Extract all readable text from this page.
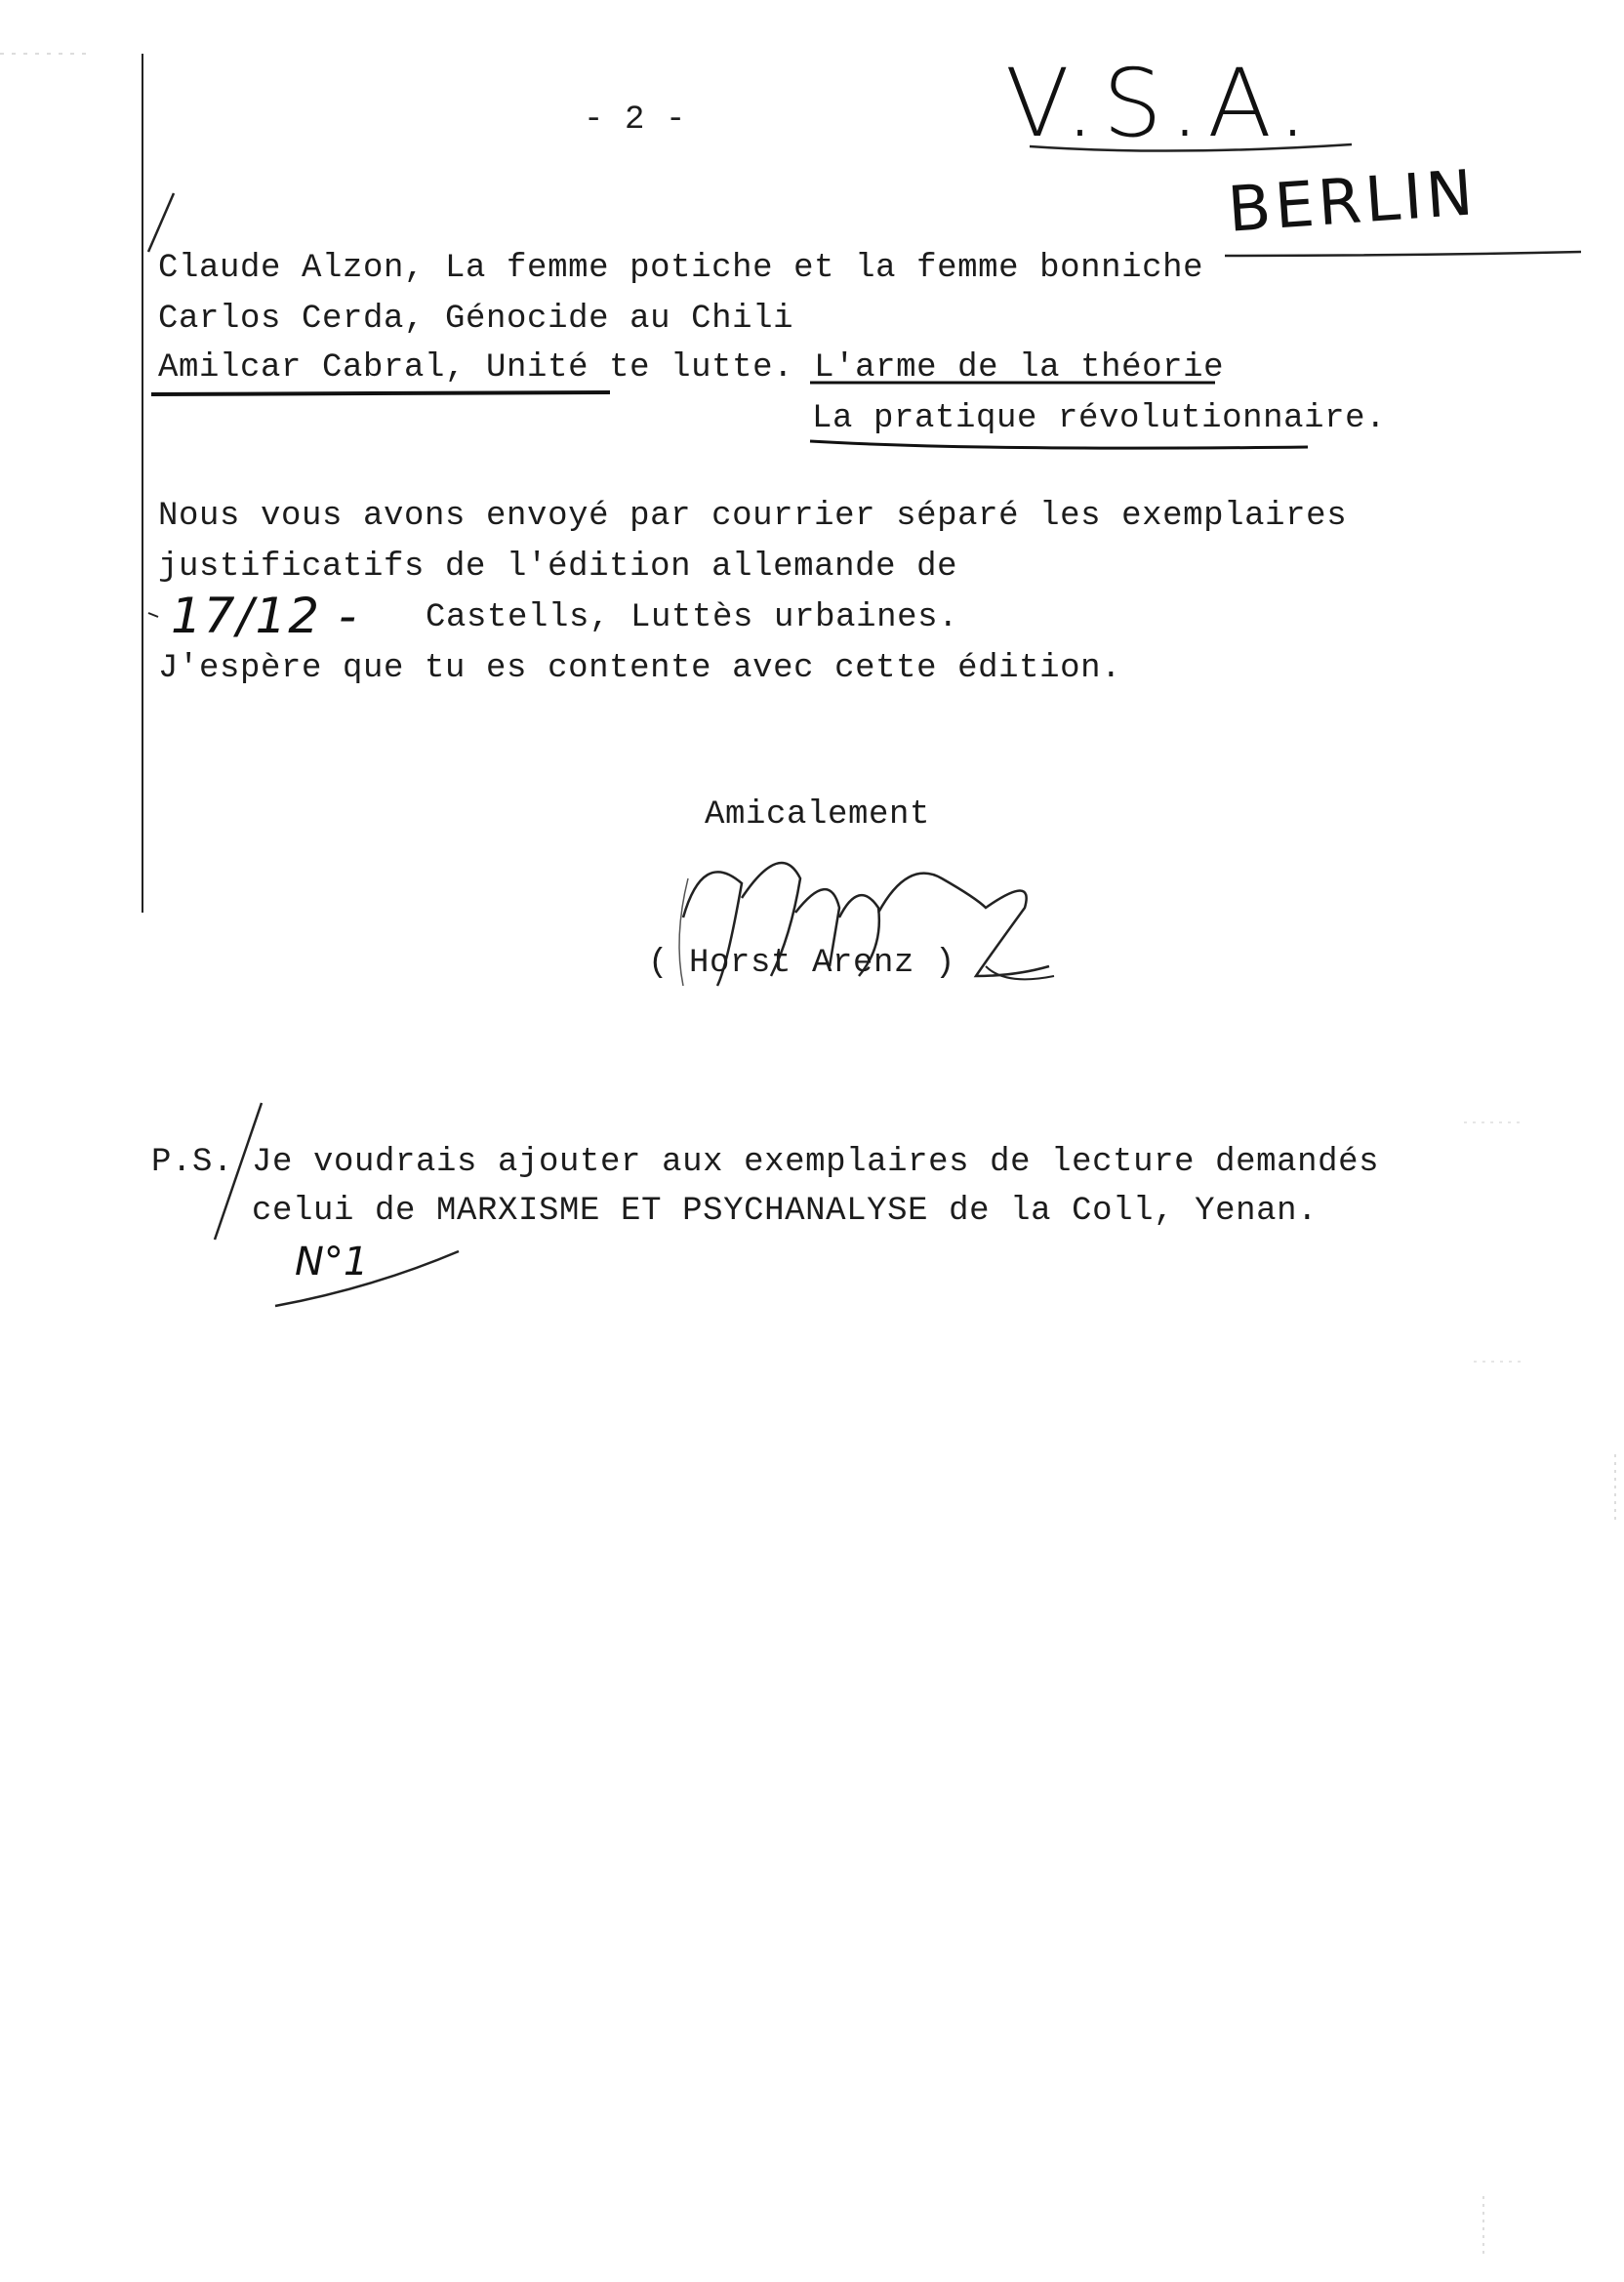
- 2 -	V.S.A.
BERLIN
17/12 -
N°1
Claude Alzon, La femme potiche et la femme bonniche
Carlos Cerda, Génocide au Chili
Amilcar Cabral, Unité te lutte. L'arme de la théorie
La pratique révolutionnaire.
Nous vous avons envoyé par courrier séparé les exemplaires
justificatifs de l'édition allemande de
Castells, Luttès urbaines.
J'espère que tu es contente avec cette édition.
Amicalement
( Horst Arenz )
P.S. Je voudrais ajouter aux exemplaires de lecture demandés
celui de MARXISME ET PSYCHANALYSE de la Coll, Yenan.
